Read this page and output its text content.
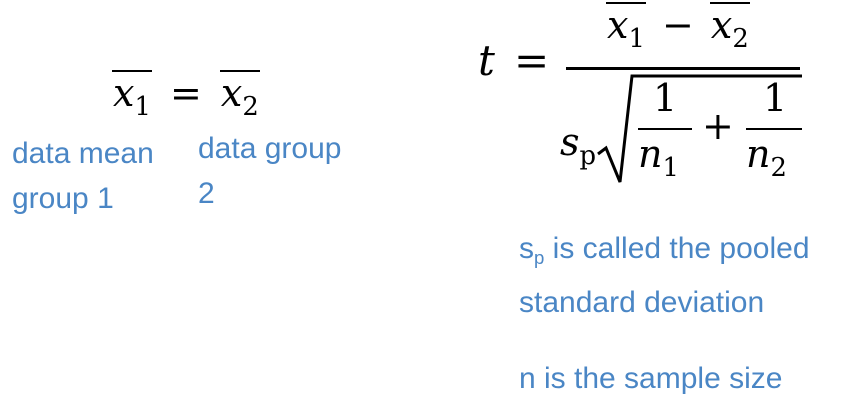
$x_1 = x_2$
data mean
group 1
data group
2
t =
$x_1 - x_2$
$s_p$
1
$n_1$
+
1
$n_2$
sp is called the pooled
standard deviation
n is the sample size
